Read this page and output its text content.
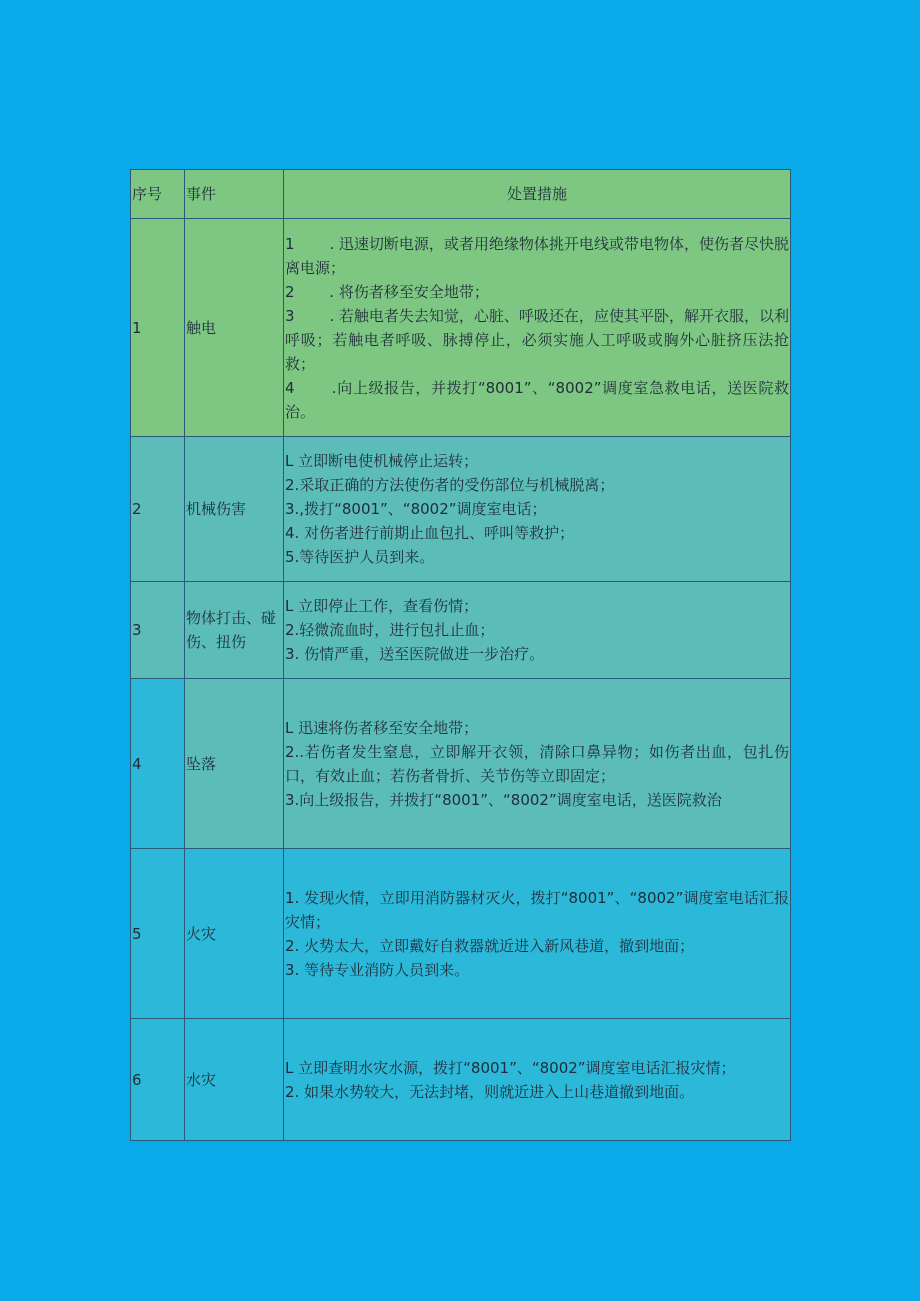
序号	事件	处置措施
1	触电	1　　 . 迅速切断电源，或者用绝缘物体挑开电线或带电物体，使伤者尽快脱离电源；

2　　 . 将伤者移至安全地带；

3　　 . 若触电者失去知觉，心脏、呼吸还在，应使其平卧，解开衣服，以利呼吸；若触电者呼吸、脉搏停止，必须实施人工呼吸或胸外心脏挤压法抢救；

4　　 .向上级报告，并拨打“8001”、“8002”调度室急救电话，送医院救治。

2	机械伤害	L 立即断电使机械停止运转；

2.采取正确的方法使伤者的受伤部位与机械脱离；

3.,拨打“8001”、“8002”调度室电话；

4. 对伤者进行前期止血包扎、呼叫等救护；

5.等待医护人员到来。

3	物体打击、碰伤、扭伤	L 立即停止工作，查看伤情；

2.轻微流血时，进行包扎止血；

3. 伤情严重，送至医院做进一步治疗。

4	坠落	L 迅速将伤者移至安全地带；

2..若伤者发生窒息，立即解开衣领，清除口鼻异物；如伤者出血，包扎伤口，有效止血；若伤者骨折、关节伤等立即固定；

3.向上级报告，并拨打“8001”、“8002”调度室电话，送医院救治

5	火灾	1. 发现火情，立即用消防器材灭火，拨打“8001”、“8002”调度室电话汇报灾情；

2. 火势太大，立即戴好自救器就近进入新风巷道，撤到地面；

3. 等待专业消防人员到来。

6	水灾	L 立即查明水灾水源，拨打“8001”、“8002”调度室电话汇报灾情；

2. 如果水势较大，无法封堵，则就近进入上山巷道撤到地面。
